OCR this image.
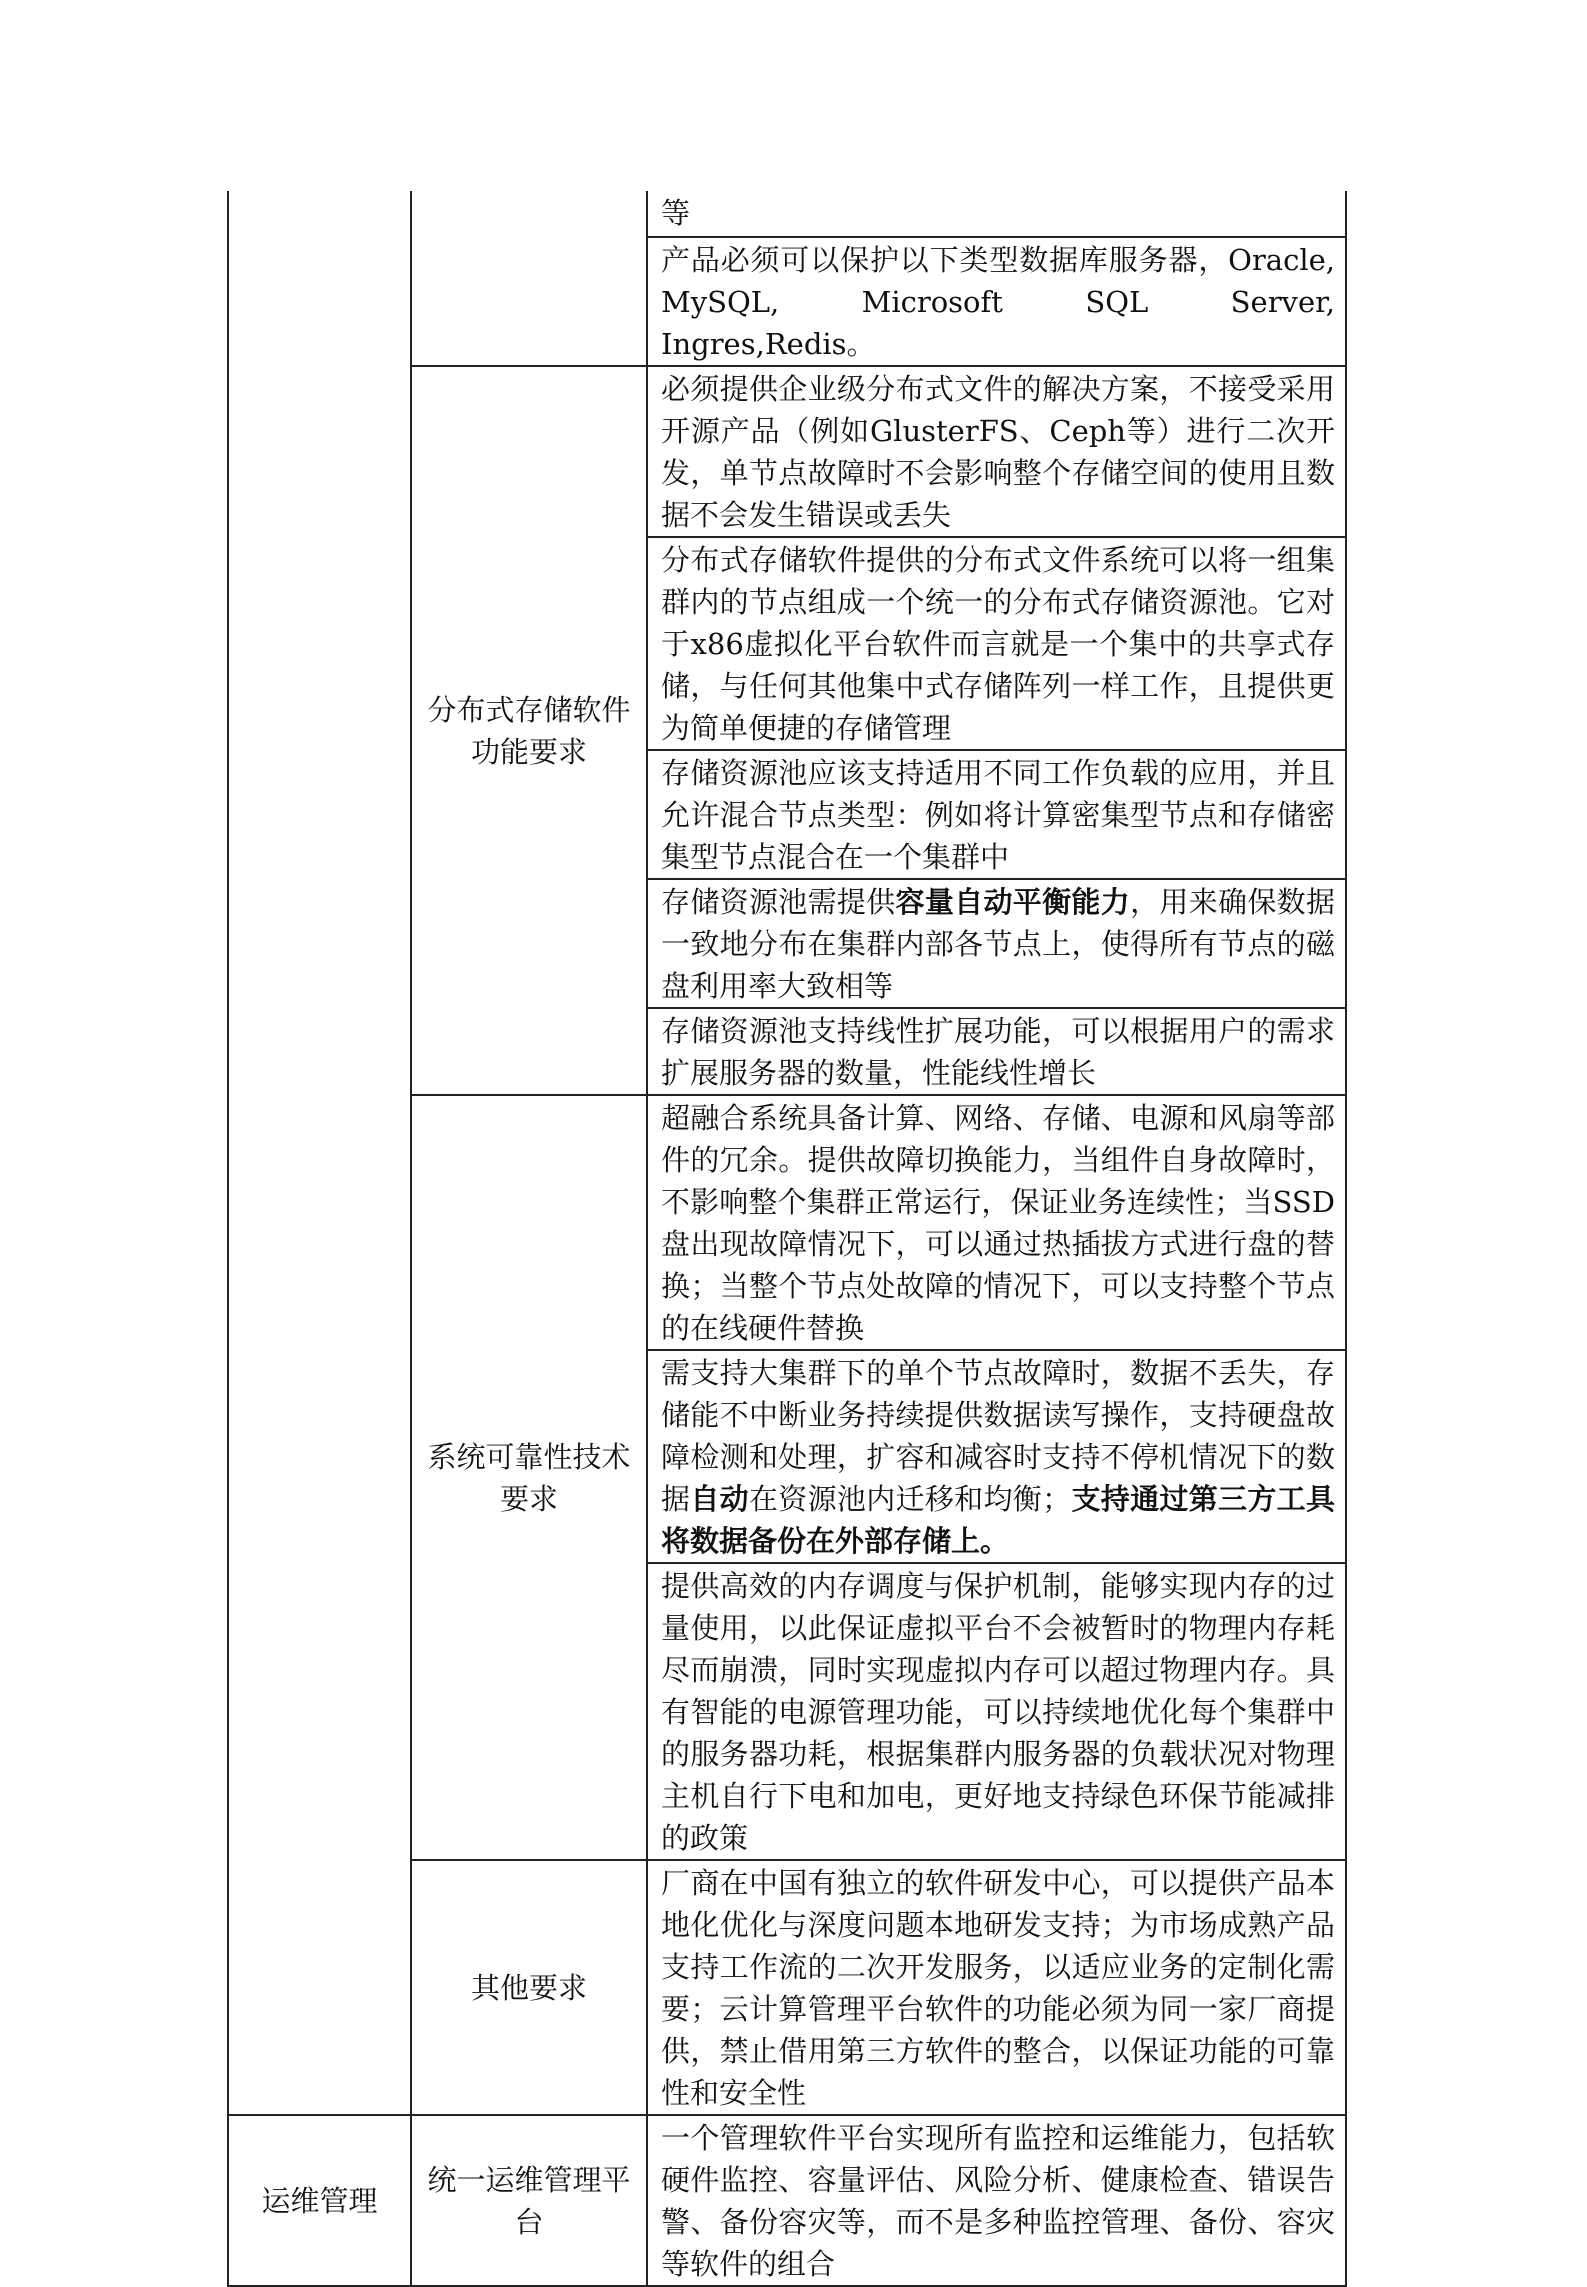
		等
		产品必须可以保护以下类型数据库服务器，Oracle, MySQL, Microsoft SQL Server, Ingres,Redis。
	分布式存储软件功能要求	必须提供企业级分布式文件的解决方案，不接受采用开源产品（例如GlusterFS、Ceph等）进行二次开发，单节点故障时不会影响整个存储空间的使用且数据不会发生错误或丢失
		分布式存储软件提供的分布式文件系统可以将一组集群内的节点组成一个统一的分布式存储资源池。它对于x86虚拟化平台软件而言就是一个集中的共享式存储，与任何其他集中式存储阵列一样工作，且提供更为简单便捷的存储管理
		存储资源池应该支持适用不同工作负载的应用，并且允许混合节点类型：例如将计算密集型节点和存储密集型节点混合在一个集群中
		存储资源池需提供容量自动平衡能力，用来确保数据一致地分布在集群内部各节点上，使得所有节点的磁盘利用率大致相等
		存储资源池支持线性扩展功能，可以根据用户的需求扩展服务器的数量，性能线性增长
	系统可靠性技术要求	超融合系统具备计算、网络、存储、电源和风扇等部件的冗余。提供故障切换能力，当组件自身故障时，不影响整个集群正常运行，保证业务连续性；当SSD盘出现故障情况下，可以通过热插拔方式进行盘的替换；当整个节点处故障的情况下，可以支持整个节点的在线硬件替换
		需支持大集群下的单个节点故障时，数据不丢失，存储能不中断业务持续提供数据读写操作，支持硬盘故障检测和处理，扩容和减容时支持不停机情况下的数据自动在资源池内迁移和均衡；支持通过第三方工具将数据备份在外部存储上。
		提供高效的内存调度与保护机制，能够实现内存的过量使用，以此保证虚拟平台不会被暂时的物理内存耗尽而崩溃，同时实现虚拟内存可以超过物理内存。具有智能的电源管理功能，可以持续地优化每个集群中的服务器功耗，根据集群内服务器的负载状况对物理主机自行下电和加电，更好地支持绿色环保节能减排的政策
	其他要求	厂商在中国有独立的软件研发中心，可以提供产品本地化优化与深度问题本地研发支持；为市场成熟产品支持工作流的二次开发服务，以适应业务的定制化需要；云计算管理平台软件的功能必须为同一家厂商提供，禁止借用第三方软件的整合，以保证功能的可靠性和安全性
运维管理	统一运维管理平台	一个管理软件平台实现所有监控和运维能力，包括软硬件监控、容量评估、风险分析、健康检查、错误告警、备份容灾等，而不是多种监控管理、备份、容灾等软件的组合
